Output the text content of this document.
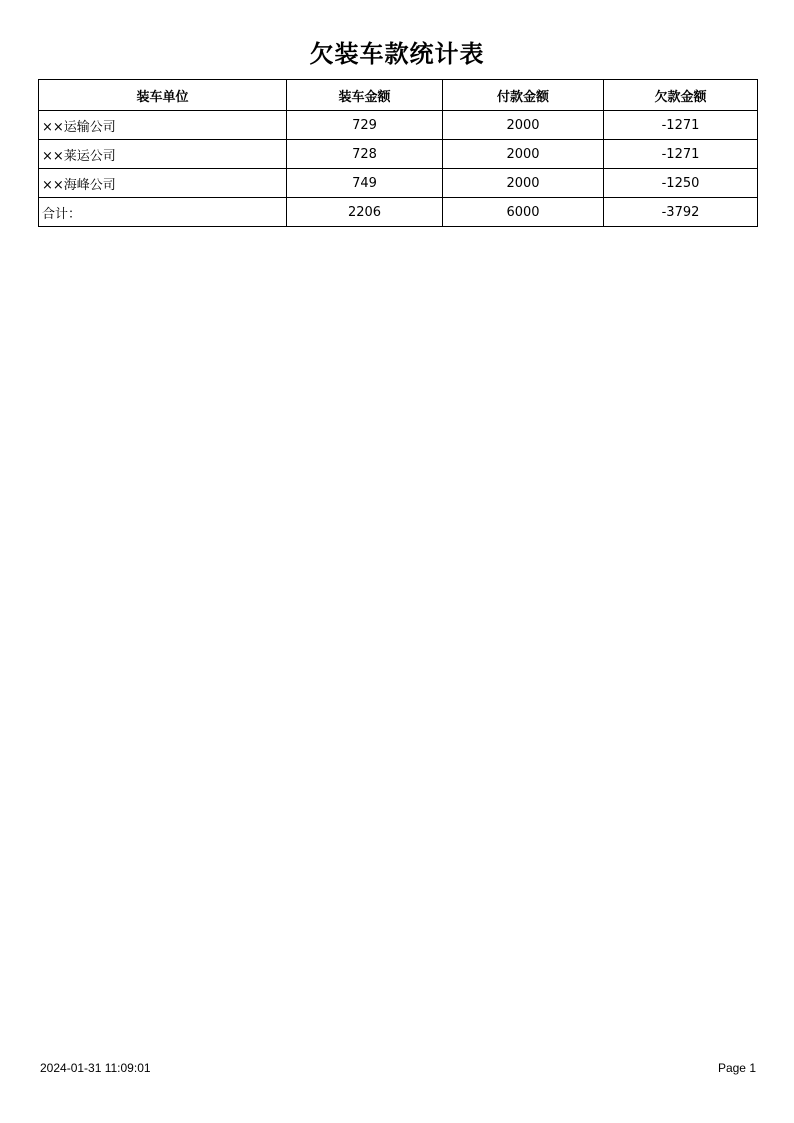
欠装车款统计表
装车单位	装车金额	付款金额	欠款金额
××运输公司	729	2000	-1271
××莱运公司	728	2000	-1271
××海峰公司	749	2000	-1250
合计：	2206	6000	-3792
2024-01-31 11:09:01	Page 1
